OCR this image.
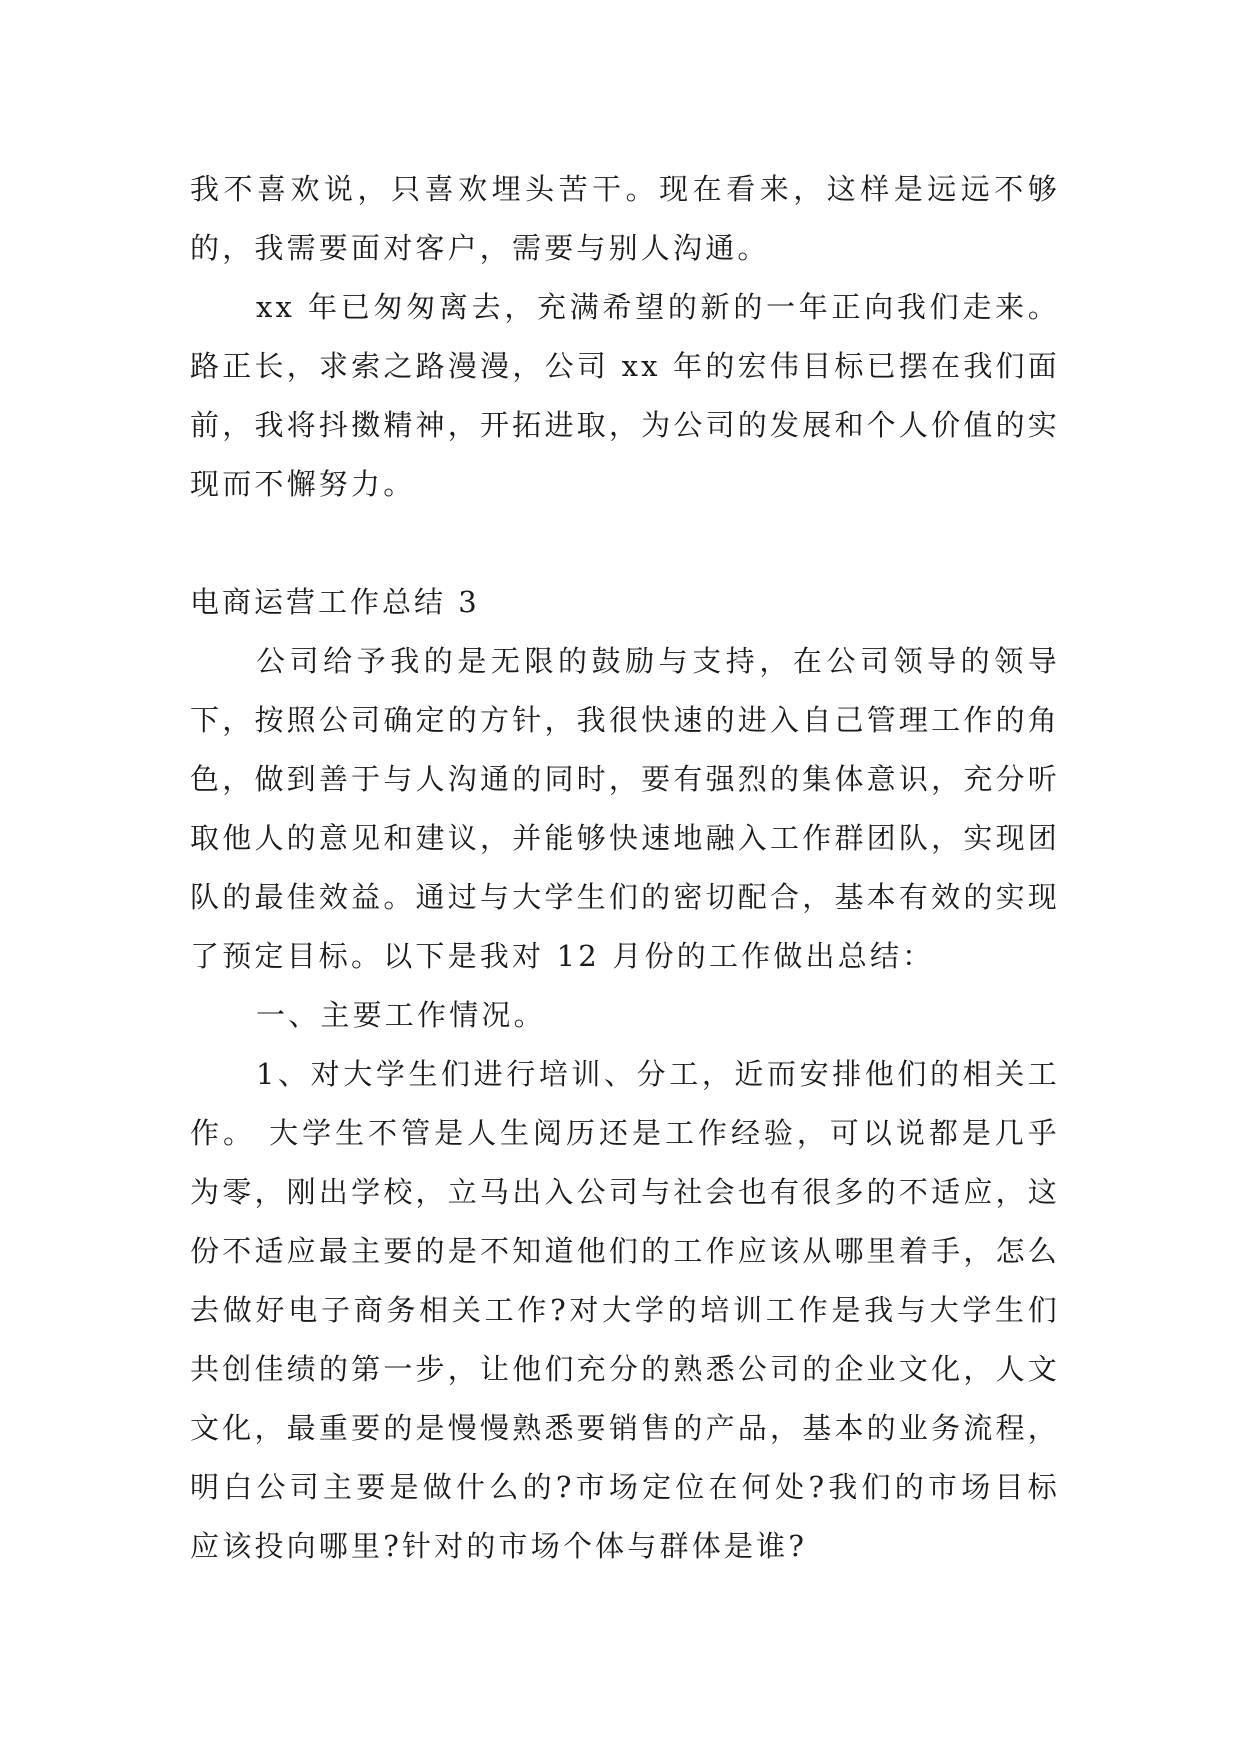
我不喜欢说，只喜欢埋头苦干。现在看来，这样是远远不够的，我需要面对客户，需要与别人沟通。

xx 年已匆匆离去，充满希望的新的一年正向我们走来。路正长，求索之路漫漫，公司 xx 年的宏伟目标已摆在我们面前，我将抖擞精神，开拓进取，为公司的发展和个人价值的实现而不懈努力。

电商运营工作总结 3

公司给予我的是无限的鼓励与支持，在公司领导的领导下，按照公司确定的方针，我很快速的进入自己管理工作的角色，做到善于与人沟通的同时，要有强烈的集体意识，充分听取他人的意见和建议，并能够快速地融入工作群团队，实现团队的最佳效益。通过与大学生们的密切配合，基本有效的实现了预定目标。以下是我对 12 月份的工作做出总结：

一、主要工作情况。

1、对大学生们进行培训、分工，近而安排他们的相关工作。 大学生不管是人生阅历还是工作经验，可以说都是几乎为零，刚出学校，立马出入公司与社会也有很多的不适应，这份不适应最主要的是不知道他们的工作应该从哪里着手，怎么去做好电子商务相关工作?对大学的培训工作是我与大学生们共创佳绩的第一步，让他们充分的熟悉公司的企业文化，人文文化，最重要的是慢慢熟悉要销售的产品，基本的业务流程，明白公司主要是做什么的?市场定位在何处?我们的市场目标应该投向哪里?针对的市场个体与群体是谁?
